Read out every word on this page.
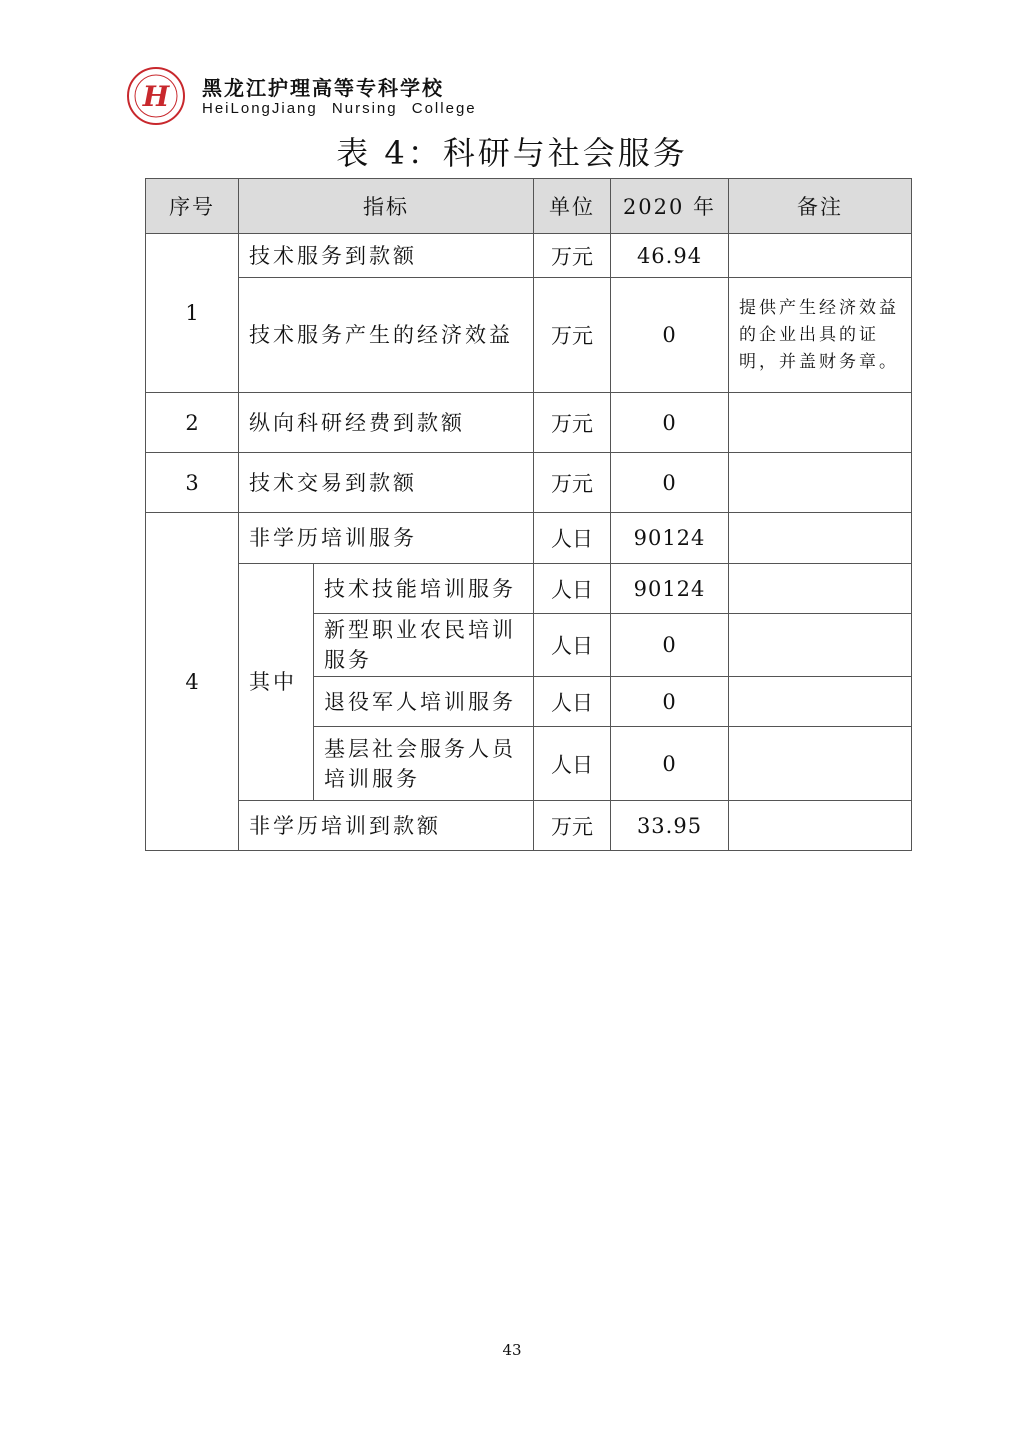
H 黑龙江护理高等专科学校
HeiLongJiang Nursing College
表 4：科研与社会服务
序号	指标		单位	2020 年	备注
1	技术服务到款额		万元	46.94	
	技术服务产生的经济效益		万元	0	提供产生经济效益的企业出具的证明，并盖财务章。
2	纵向科研经费到款额		万元	0	
3	技术交易到款额		万元	0	
4	非学历培训服务		人日	90124	
	其中	技术技能培训服务	人日	90124	
		新型职业农民培训服务	人日	0	
		退役军人培训服务	人日	0	
		基层社会服务人员培训服务	人日	0	
	非学历培训到款额		万元	33.95	
43
